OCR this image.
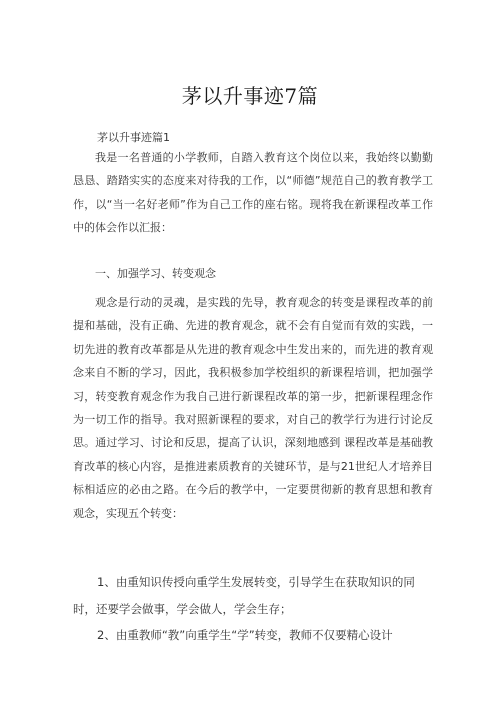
茅以升事迹7篇
茅以升事迹篇1

我是一名普通的小学教师，自踏入教育这个岗位以来，我始终以勤勤恳恳、踏踏实实的态度来对待我的工作，以“师德”规范自己的教育教学工作，以“当一名好老师”作为自己工作的座右铭。现将我在新课程改革工作中的体会作以汇报：

一、加强学习、转变观念

观念是行动的灵魂，是实践的先导，教育观念的转变是课程改革的前提和基础，没有正确、先进的教育观念，就不会有自觉而有效的实践，一切先进的教育改革都是从先进的教育观念中生发出来的，而先进的教育观念来自不断的学习，因此，我积极参加学校组织的新课程培训，把加强学习，转变教育观念作为我自己进行新课程改革的第一步，把新课程理念作为一切工作的指导。我对照新课程的要求，对自己的教学行为进行讨论反思。通过学习、讨论和反思，提高了认识，深刻地感到 课程改革是基础教育改革的核心内容，是推进素质教育的关键环节，是与21世纪人才培养目标相适应的必由之路。在今后的教学中，一定要贯彻新的教育思想和教育观念，实现五个转变：

1、由重知识传授向重学生发展转变，引导学生在获取知识的同
时，还要学会做事，学会做人，学会生存；
2、由重教师“教”向重学生“学”转变，教师不仅要精心设计
